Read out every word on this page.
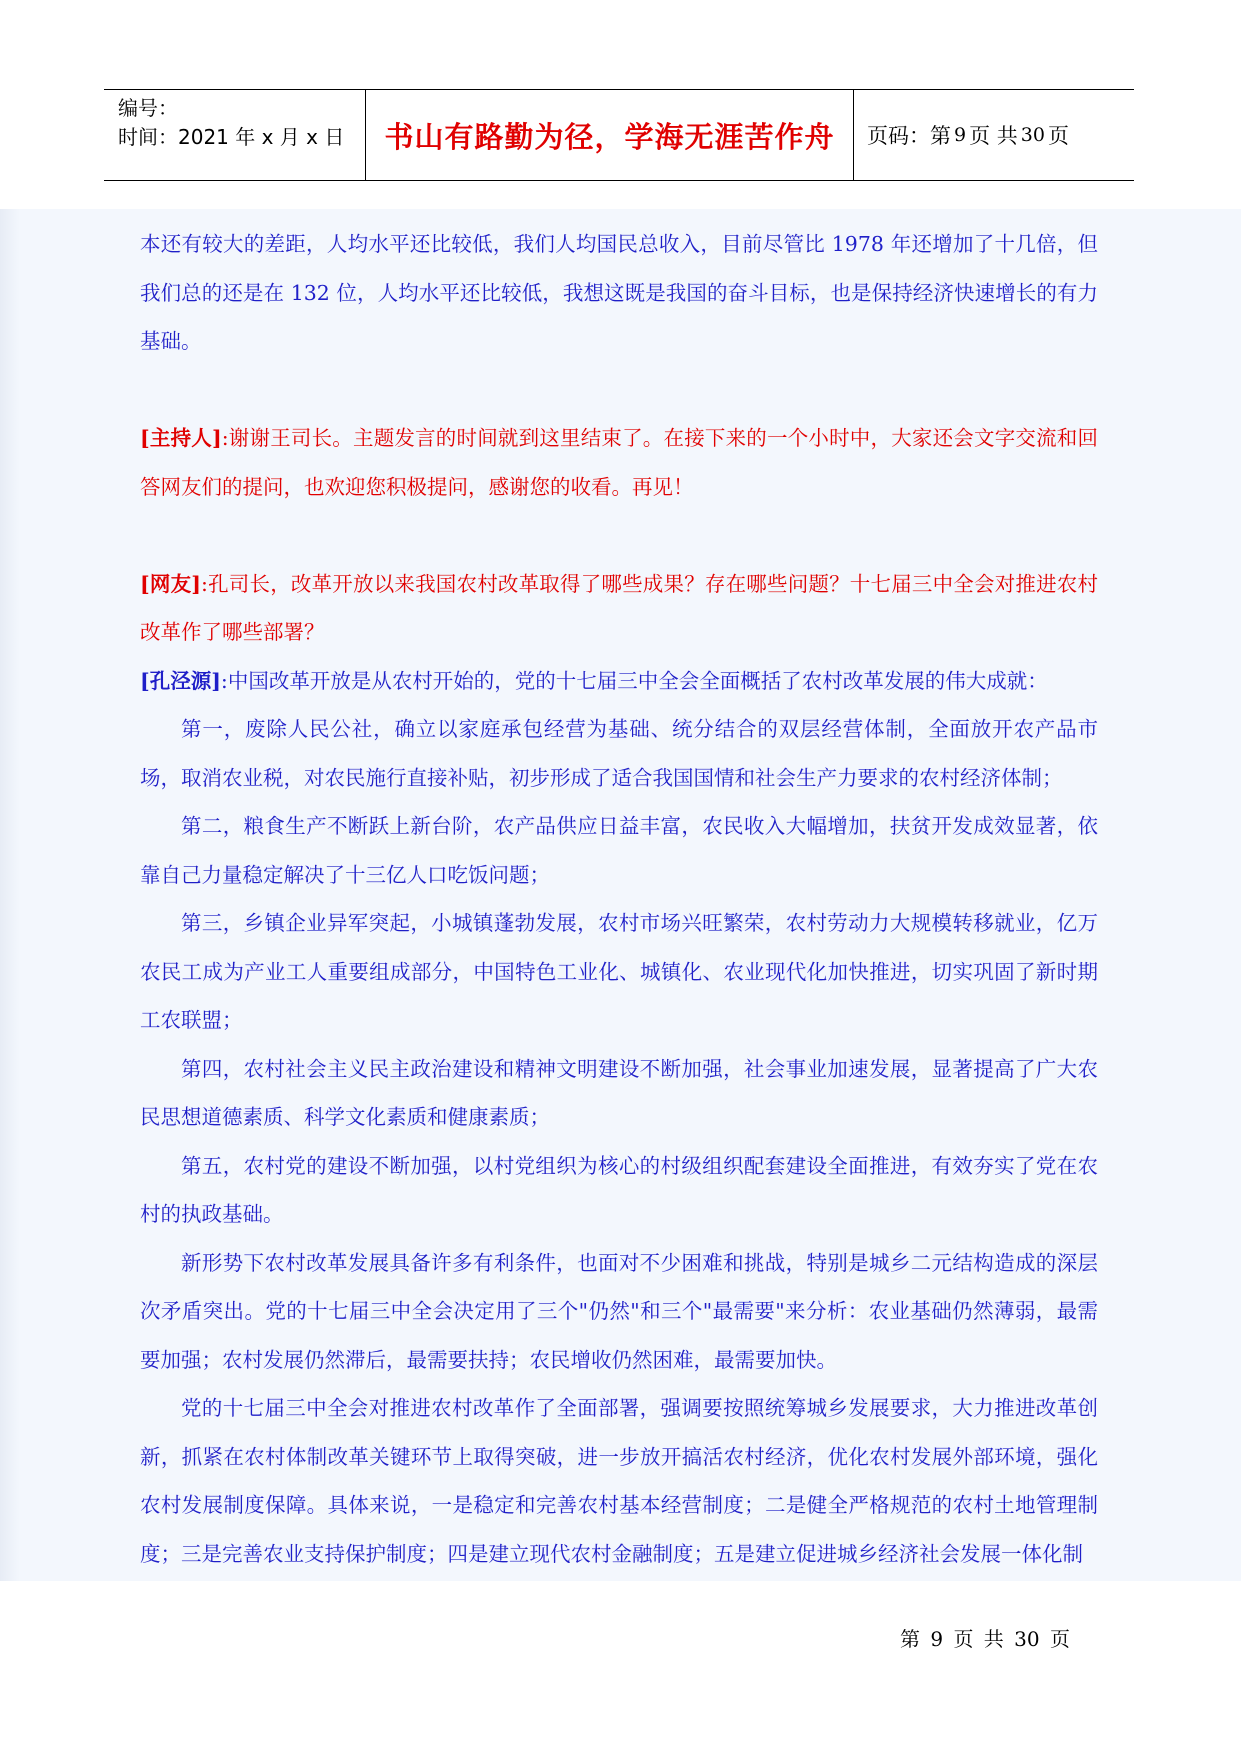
编号：
时间：2021 年 x 月 x 日	书山有路勤为径，学海无涯苦作舟 页码：第 9 页 共 30 页

本还有较大的差距，人均水平还比较低，我们人均国民总收入，目前尽管比 1978 年还增加了十几倍，但我们总的还是在 132 位，人均水平还比较低，我想这既是我国的奋斗目标，也是保持经济快速增长的有力基础。

[主持人]:谢谢王司长。主题发言的时间就到这里结束了。在接下来的一个小时中，大家还会文字交流和回答网友们的提问，也欢迎您积极提问，感谢您的收看。再见！

[网友]:孔司长，改革开放以来我国农村改革取得了哪些成果？存在哪些问题？十七届三中全会对推进农村改革作了哪些部署？

[孔泾源]:中国改革开放是从农村开始的，党的十七届三中全会全面概括了农村改革发展的伟大成就：

第一，废除人民公社，确立以家庭承包经营为基础、统分结合的双层经营体制，全面放开农产品市场，取消农业税，对农民施行直接补贴，初步形成了适合我国国情和社会生产力要求的农村经济体制；

第二，粮食生产不断跃上新台阶，农产品供应日益丰富，农民收入大幅增加，扶贫开发成效显著，依靠自己力量稳定解决了十三亿人口吃饭问题；

第三，乡镇企业异军突起，小城镇蓬勃发展，农村市场兴旺繁荣，农村劳动力大规模转移就业，亿万农民工成为产业工人重要组成部分，中国特色工业化、城镇化、农业现代化加快推进，切实巩固了新时期工农联盟；

第四，农村社会主义民主政治建设和精神文明建设不断加强，社会事业加速发展，显著提高了广大农民思想道德素质、科学文化素质和健康素质；

第五，农村党的建设不断加强，以村党组织为核心的村级组织配套建设全面推进，有效夯实了党在农村的执政基础。

新形势下农村改革发展具备许多有利条件，也面对不少困难和挑战，特别是城乡二元结构造成的深层次矛盾突出。党的十七届三中全会决定用了三个"仍然"和三个"最需要"来分析：农业基础仍然薄弱，最需要加强；农村发展仍然滞后，最需要扶持；农民增收仍然困难，最需要加快。

党的十七届三中全会对推进农村改革作了全面部署，强调要按照统筹城乡发展要求，大力推进改革创新，抓紧在农村体制改革关键环节上取得突破，进一步放开搞活农村经济，优化农村发展外部环境，强化农村发展制度保障。具体来说，一是稳定和完善农村基本经营制度；二是健全严格规范的农村土地管理制度；三是完善农业支持保护制度；四是建立现代农村金融制度；五是建立促进城乡经济社会发展一体化制

第 9 页 共 30 页
